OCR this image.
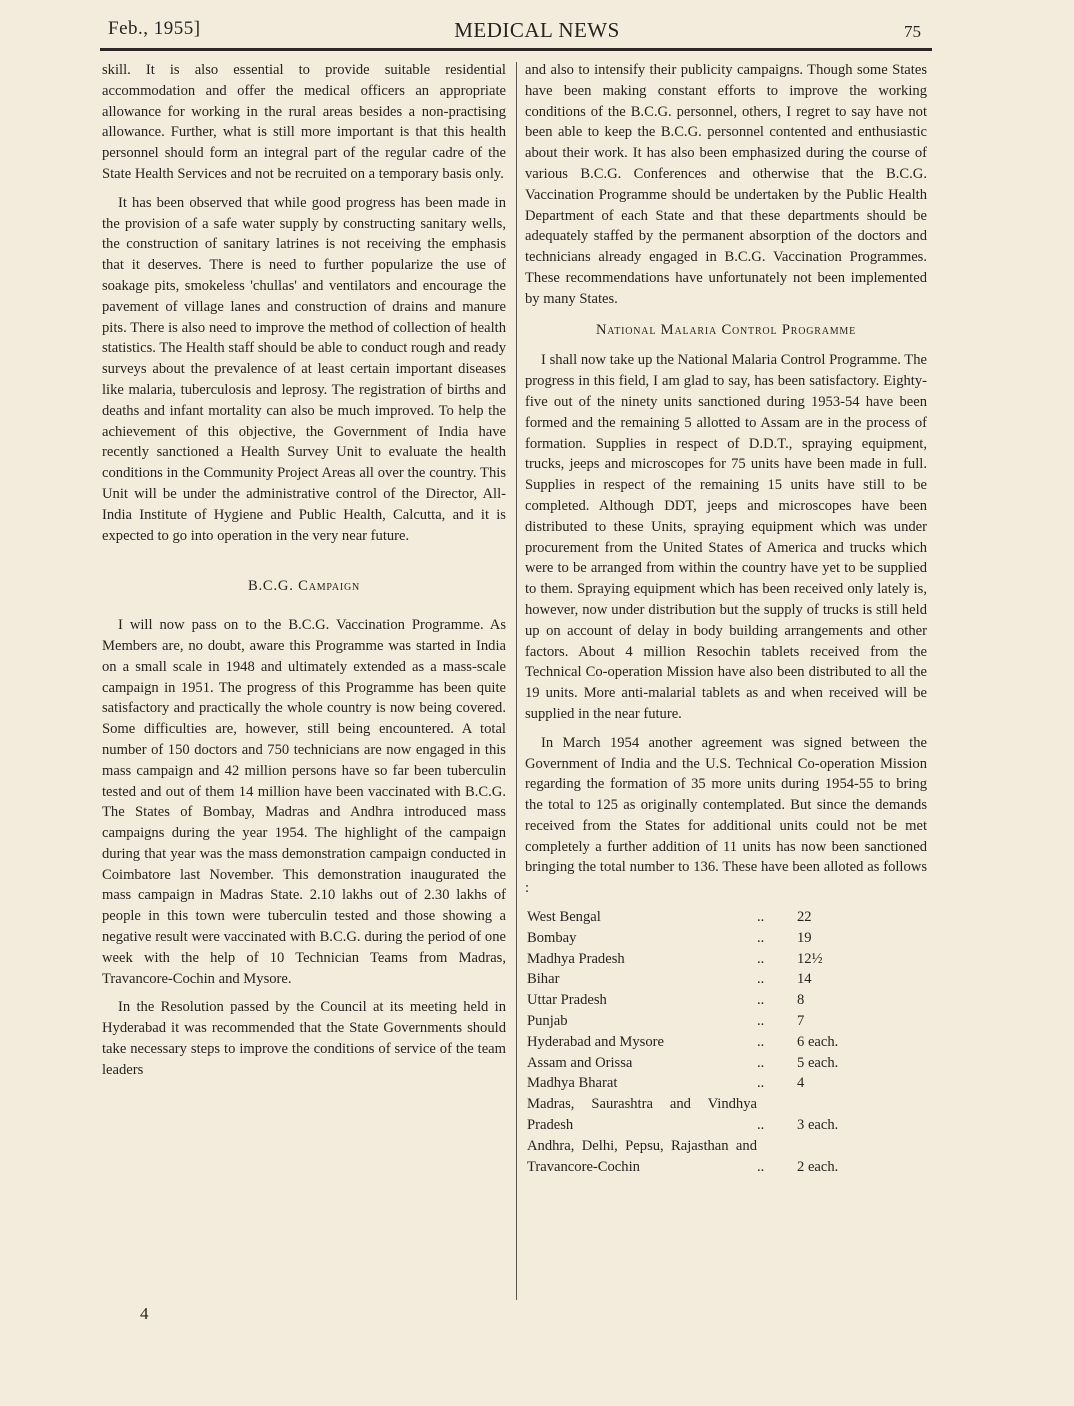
Feb., 1955]	MEDICAL NEWS	75

skill. It is also essential to provide suitable residential accommodation and offer the medical officers an appropriate allowance for working in the rural areas besides a non-practising allowance. Further, what is still more important is that this health personnel should form an integral part of the regular cadre of the State Health Services and not be recruited on a temporary basis only.

It has been observed that while good progress has been made in the provision of a safe water supply by constructing sanitary wells, the construction of sanitary latrines is not receiving the emphasis that it deserves. There is need to further popularize the use of soakage pits, smokeless 'chullas' and ventilators and encourage the pavement of village lanes and construction of drains and manure pits. There is also need to improve the method of collection of health statistics. The Health staff should be able to conduct rough and ready surveys about the prevalence of at least certain important diseases like malaria, tuberculosis and leprosy. The registration of births and deaths and infant mortality can also be much improved. To help the achievement of this objective, the Government of India have recently sanctioned a Health Survey Unit to evaluate the health conditions in the Community Project Areas all over the country. This Unit will be under the administrative control of the Director, All-India Institute of Hygiene and Public Health, Calcutta, and it is expected to go into operation in the very near future.

B.C.G. Campaign

I will now pass on to the B.C.G. Vaccination Programme. As Members are, no doubt, aware this Programme was started in India on a small scale in 1948 and ultimately extended as a mass-scale campaign in 1951. The progress of this Programme has been quite satisfactory and practically the whole country is now being covered. Some difficulties are, however, still being encountered. A total number of 150 doctors and 750 technicians are now engaged in this mass campaign and 42 million persons have so far been tuberculin tested and out of them 14 million have been vaccinated with B.C.G. The States of Bombay, Madras and Andhra introduced mass campaigns during the year 1954. The highlight of the campaign during that year was the mass demonstration campaign conducted in Coimbatore last November. This demonstration inaugurated the mass campaign in Madras State. 2.10 lakhs out of 2.30 lakhs of people in this town were tuberculin tested and those showing a negative result were vaccinated with B.C.G. during the period of one week with the help of 10 Technician Teams from Madras, Travancore-Cochin and Mysore.

In the Resolution passed by the Council at its meeting held in Hyderabad it was recommended that the State Governments should take necessary steps to improve the conditions of service of the team leaders

and also to intensify their publicity campaigns. Though some States have been making constant efforts to improve the working conditions of the B.C.G. personnel, others, I regret to say have not been able to keep the B.C.G. personnel contented and enthusiastic about their work. It has also been emphasized during the course of various B.C.G. Conferences and otherwise that the B.C.G. Vaccination Programme should be undertaken by the Public Health Department of each State and that these departments should be adequately staffed by the permanent absorption of the doctors and technicians already engaged in B.C.G. Vaccination Programmes. These recommendations have unfortunately not been implemented by many States.

National Malaria Control Programme

I shall now take up the National Malaria Control Programme. The progress in this field, I am glad to say, has been satisfactory. Eighty-five out of the ninety units sanctioned during 1953-54 have been formed and the remaining 5 allotted to Assam are in the process of formation. Supplies in respect of D.D.T., spraying equipment, trucks, jeeps and microscopes for 75 units have been made in full. Supplies in respect of the remaining 15 units have still to be completed. Although DDT, jeeps and microscopes have been distributed to these Units, spraying equipment which was under procurement from the United States of America and trucks which were to be arranged from within the country have yet to be supplied to them. Spraying equipment which has been received only lately is, however, now under distribution but the supply of trucks is still held up on account of delay in body building arrangements and other factors. About 4 million Resochin tablets received from the Technical Co-operation Mission have also been distributed to all the 19 units. More anti-malarial tablets as and when received will be supplied in the near future.

In March 1954 another agreement was signed between the Government of India and the U.S. Technical Co-operation Mission regarding the formation of 35 more units during 1954-55 to bring the total to 125 as originally contemplated. But since the demands received from the States for additional units could not be met completely a further addition of 11 units has now been sanctioned bringing the total number to 136. These have been alloted as follows :

West Bengal	..	22
Bombay	..	19
Madhya Pradesh	..	12½
Bihar	..	14
Uttar Pradesh	..	8
Punjab	..	7
Hyderabad and Mysore	..	6 each.
Assam and Orissa	..	5 each.
Madhya Bharat	..	4
Madras, Saurashtra and Vindhya Pradesh	..	3 each.
Andhra, Delhi, Pepsu, Rajasthan and Travancore-Cochin	..	2 each.
4
